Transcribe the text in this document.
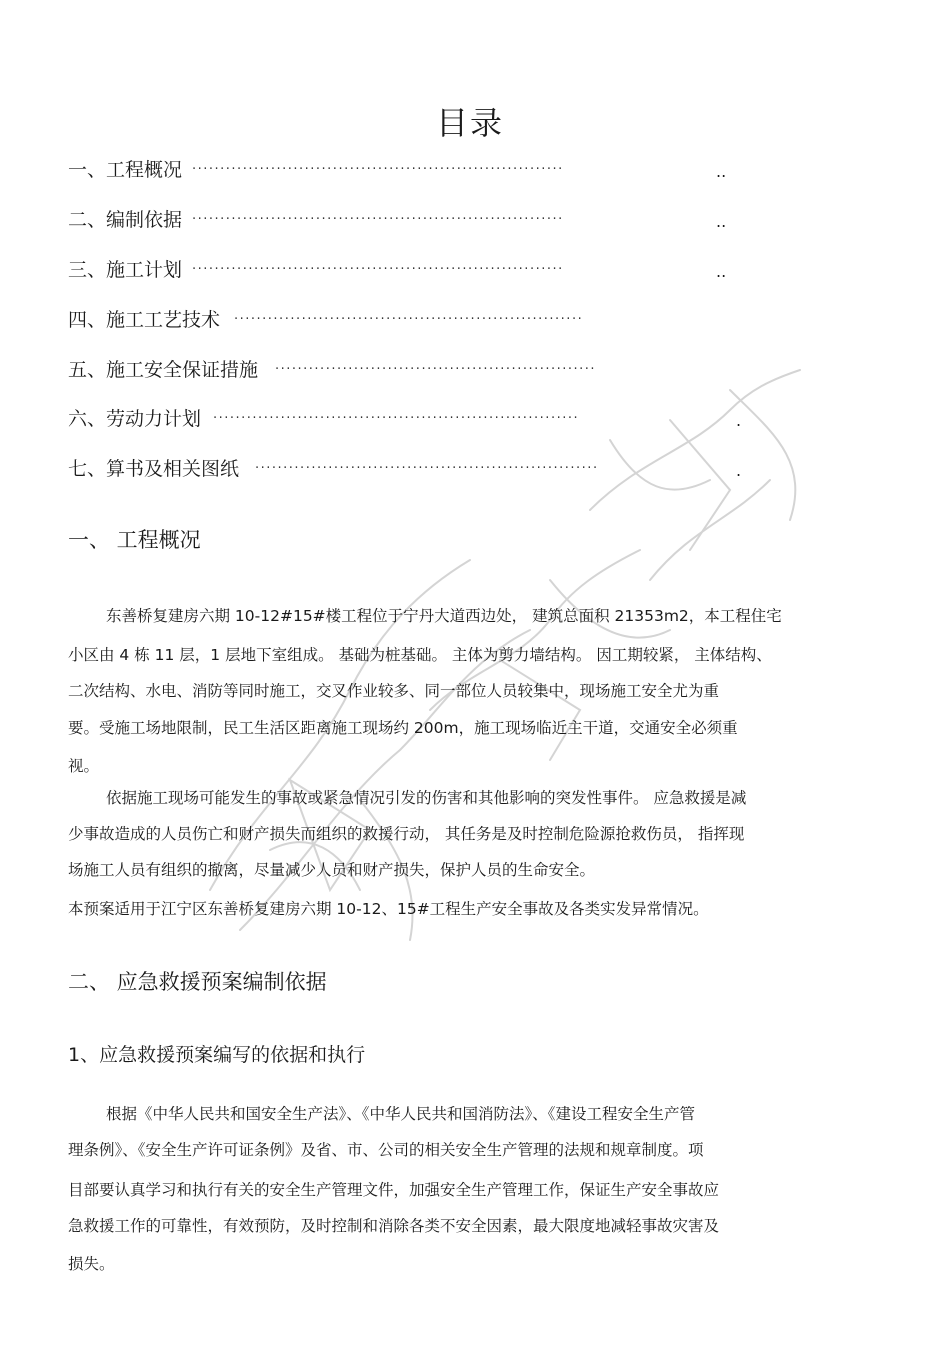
目录
一、工程概况 ··································································	..
二、编制依据 ··································································	..
三、施工计划 ··································································	..
四、施工工艺技术 ······························································
五、施工安全保证措施 ·························································
六、劳动力计划 ·································································	.
七、算书及相关图纸 ·····························································	.
一、 工程概况
东善桥复建房六期 10-12#15#楼工程位于宁丹大道西边处， 建筑总面积 21353m2，本工程住宅
小区由 4 栋 11 层，1 层地下室组成。 基础为桩基础。 主体为剪力墙结构。 因工期较紧， 主体结构、
二次结构、水电、消防等同时施工，交叉作业较多、同一部位人员较集中，现场施工安全尤为重
要。受施工场地限制，民工生活区距离施工现场约 200m，施工现场临近主干道，交通安全必须重
视。
依据施工现场可能发生的事故或紧急情况引发的伤害和其他影响的突发性事件。 应急救援是减
少事故造成的人员伤亡和财产损失而组织的救援行动， 其任务是及时控制危险源抢救伤员， 指挥现
场施工人员有组织的撤离，尽量减少人员和财产损失，保护人员的生命安全。
本预案适用于江宁区东善桥复建房六期 10-12、15#工程生产安全事故及各类实发异常情况。
二、 应急救援预案编制依据
1、应急救援预案编写的依据和执行
根据《中华人民共和国安全生产法》、《中华人民共和国消防法》、《建设工程安全生产管
理条例》、《安全生产许可证条例》及省、市、公司的相关安全生产管理的法规和规章制度。项
目部要认真学习和执行有关的安全生产管理文件，加强安全生产管理工作，保证生产安全事故应
急救援工作的可靠性，有效预防，及时控制和消除各类不安全因素，最大限度地减轻事故灾害及
损失。
